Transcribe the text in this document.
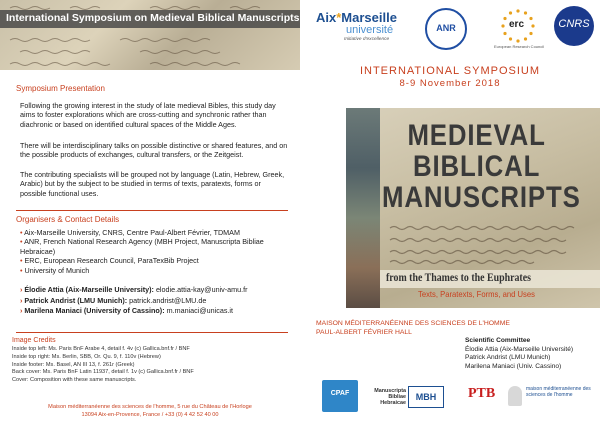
International Symposium on Medieval Biblical Manuscripts
Symposium Presentation

Following the growing interest in the study of late medieval Bibles, this study day aims to foster explorations which are cross-cutting and synchronic rather than diachronic or based on identified cultural spaces of the Middle Ages.

There will be interdisciplinary talks on possible distinctive or shared features, and on the possible products of exchanges, cultural transfers, or the Zeitgeist.

The contributing specialists will be grouped not by language (Latin, Hebrew, Greek, Arabic) but by the subject to be studied in terms of texts, paratexts, forms or possible functional uses.

Organisers & Contact Details
• Aix-Marseille University, CNRS, Centre Paul-Albert Février, TDMAM
• ANR, French National Research Agency (MBH Project, Manuscripta Bibliae Hebraicae)
• ERC, European Research Council, ParaTexBib Project
• University of Munich
› Élodie Attia (Aix-Marseille University): elodie.attia-kay@univ-amu.fr
› Patrick Andrist (LMU Munich): patrick.andrist@LMU.de
› Marilena Maniaci (University of Cassino): m.maniaci@unicas.it
Image Credits
Inside top left: Ms. Paris BnF Arabe 4, detail f. 4v (c) Gallica.bnf.fr / BNF
Inside top right: Ms. Berlin, SBB, Or. Qu. 9, f. 110v (Hebrew)
Inside footer: Ms. Basel, AN III 13, f. 261r (Greek)
Back cover: Ms. Paris BnF Latin 11937, detail f. 1v (c) Gallica.bnf.fr / BNF
Cover: Composition with these same manuscripts.
Maison méditerranéenne des sciences de l'homme, 5 rue du Château de l'Horloge
13094 Aix-en-Provence, France / +33 (0) 4 42 52 40 00
Aix*Marseille
université
Initiative d'excellence
ANR	erc
European Research Council
CNRS
INTERNATIONAL SYMPOSIUM
8-9 November 2018
MEDIEVAL
BIBLICAL
MANUSCRIPTS
from the Thames to the Euphrates
Texts, Paratexts, Forms, and Uses
MAISON MÉDITERRANÉENNE DES SCIENCES DE L'HOMME
PAUL-ALBERT FÉVRIER HALL
Scientific Committee
Élodie Attia (Aix-Marseille Université)
Patrick Andrist (LMU Munich)
Marilena Maniaci (Univ. Cassino)
CPAF	Manuscripta Bibliae Hebraicae
MBH	PTB	maison méditerranéenne des sciences de l'homme
